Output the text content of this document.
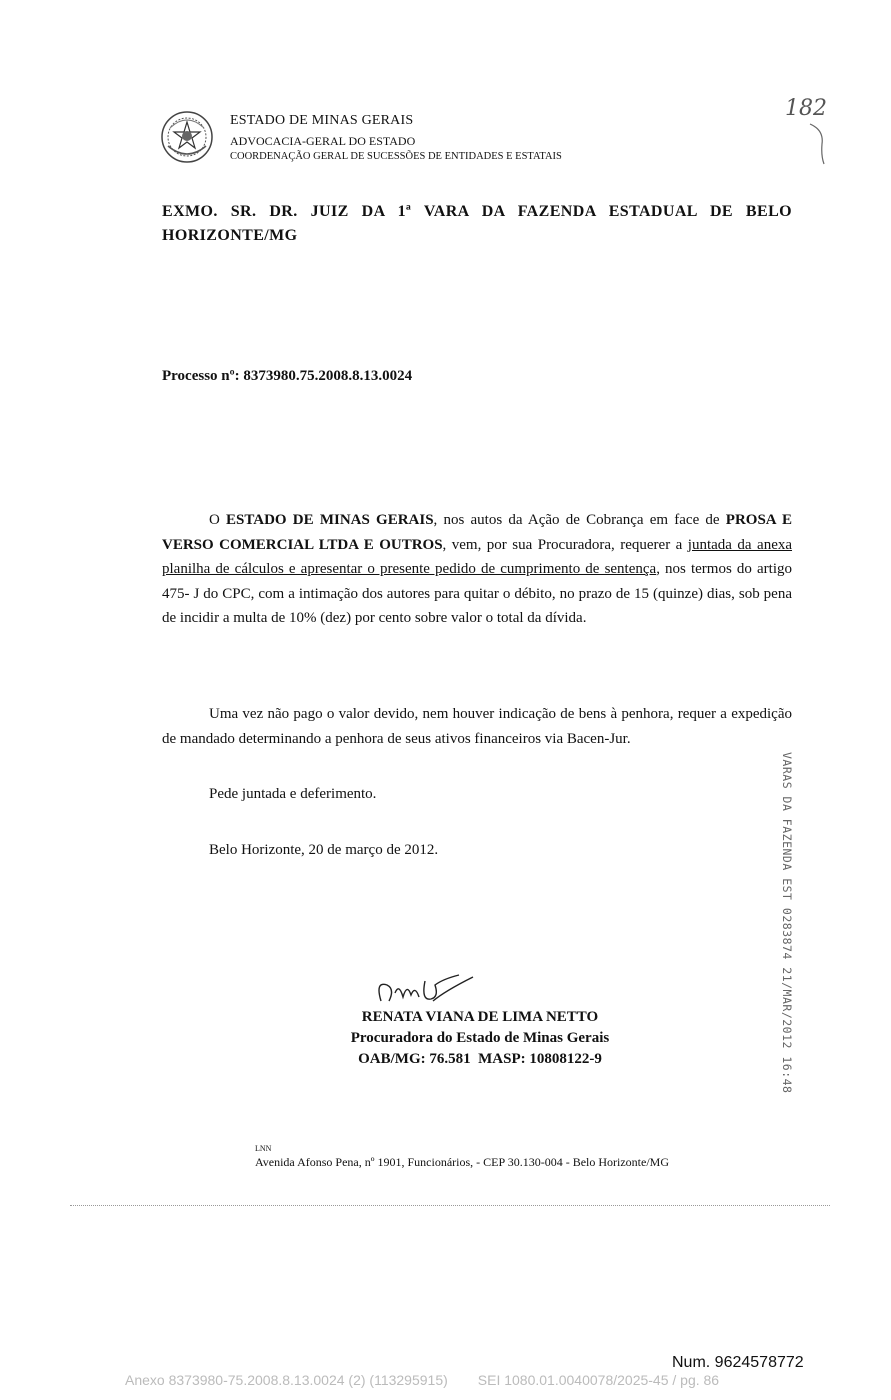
ESTADO DE MINAS GERAIS
ADVOCACIA-GERAL DO ESTADO
COORDENAÇÃO GERAL DE SUCESSÕES DE ENTIDADES E ESTATAIS
182
EXMO. SR. DR. JUIZ DA 1ª VARA DA FAZENDA ESTADUAL DE BELO HORIZONTE/MG
Processo nº: 8373980.75.2008.8.13.0024
O ESTADO DE MINAS GERAIS, nos autos da Ação de Cobrança em face de PROSA E VERSO COMERCIAL LTDA E OUTROS, vem, por sua Procuradora, requerer a juntada da anexa planilha de cálculos e apresentar o presente pedido de cumprimento de sentença, nos termos do artigo 475- J do CPC, com a intimação dos autores para quitar o débito, no prazo de 15 (quinze) dias, sob pena de incidir a multa de 10% (dez) por cento sobre valor o total da dívida.
Uma vez não pago o valor devido, nem houver indicação de bens à penhora, requer a expedição de mandado determinando a penhora de seus ativos financeiros via Bacen-Jur.
Pede juntada e deferimento.
Belo Horizonte, 20 de março de 2012.	VARAS DA FAZENDA EST 0283874 21/MAR/2012 16:48
RENATA VIANA DE LIMA NETTO
Procuradora do Estado de Minas Gerais
OAB/MG: 76.581  MASP: 10808122-9
LNN
Avenida Afonso Pena, nº 1901, Funcionários, - CEP 30.130-004 - Belo Horizonte/MG
Num. 9624578772
Anexo 8373980-75.2008.8.13.0024 (2) (113295915) SEI 1080.01.0040078/2025-45 / pg. 86
